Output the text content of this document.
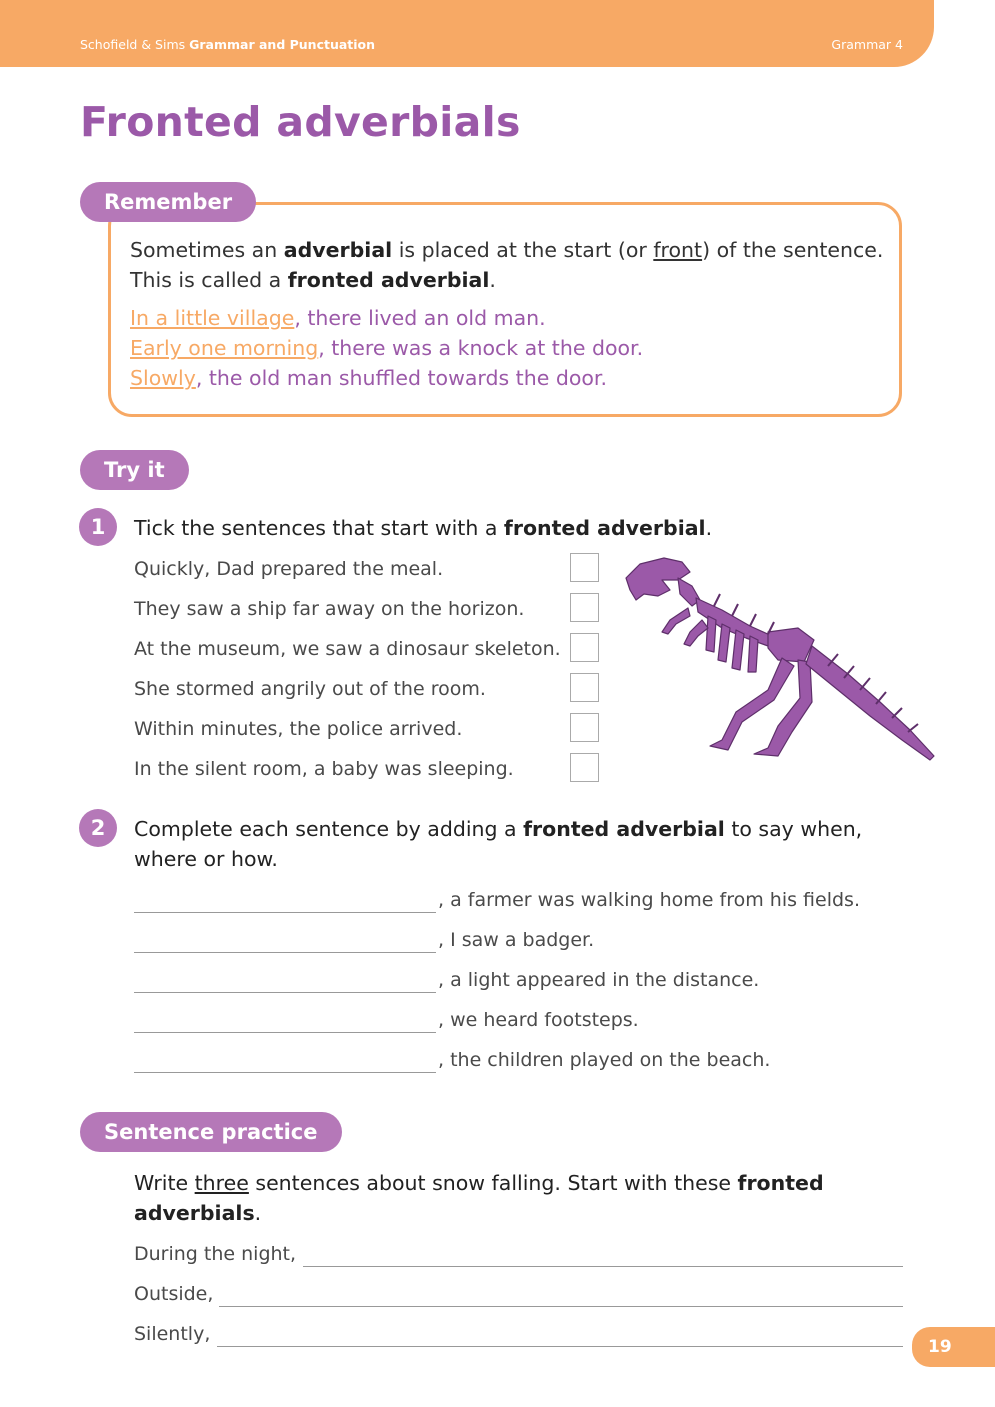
Schofield & Sims Grammar and Punctuation	Grammar 4
Fronted adverbials
Remember
Sometimes an adverbial is placed at the start (or front) of the sentence.
This is called a fronted adverbial.
In a little village, there lived an old man.
Early one morning, there was a knock at the door.
Slowly, the old man shuffled towards the door.
Try it
1	Tick the sentences that start with a fronted adverbial.
Quickly, Dad prepared the meal.
They saw a ship far away on the horizon.
At the museum, we saw a dinosaur skeleton.
She stormed angrily out of the room.
Within minutes, the police arrived.
In the silent room, a baby was sleeping.
2	Complete each sentence by adding a fronted adverbial to say when,
where or how.
, a farmer was walking home from his fields.
, I saw a badger.
, a light appeared in the distance.
, we heard footsteps.
, the children played on the beach.
Sentence practice
Write three sentences about snow falling. Start with these fronted
adverbials.
During the night,
Outside,
Silently,
19
